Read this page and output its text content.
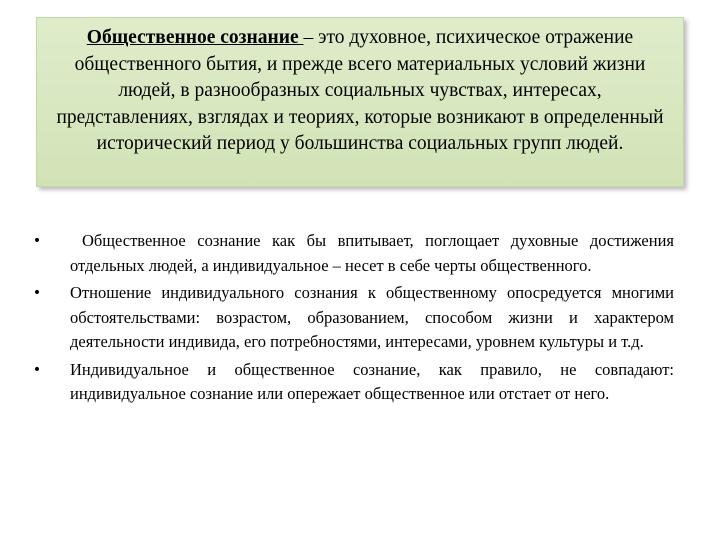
Общественное сознание – это духовное, психическое отражение общественного бытия, и прежде всего материальных условий жизни людей, в разнообразных социальных чувствах, интересах, представлениях, взглядах и теориях, которые возникают в определенный исторический период у большинства социальных групп людей.
•	Общественное сознание как бы впитывает, поглощает духовные достижения отдельных людей, а индивидуальное – несет в себе черты общественного.
• Отношение индивидуального сознания к общественному опосредуется многими обстоятельствами: возрастом, образованием, способом жизни и характером деятельности индивида, его потребностями, интересами, уровнем культуры и т.д.
• Индивидуальное и общественное сознание, как правило, не совпадают: индивидуальное сознание или опережает общественное или отстает от него.
